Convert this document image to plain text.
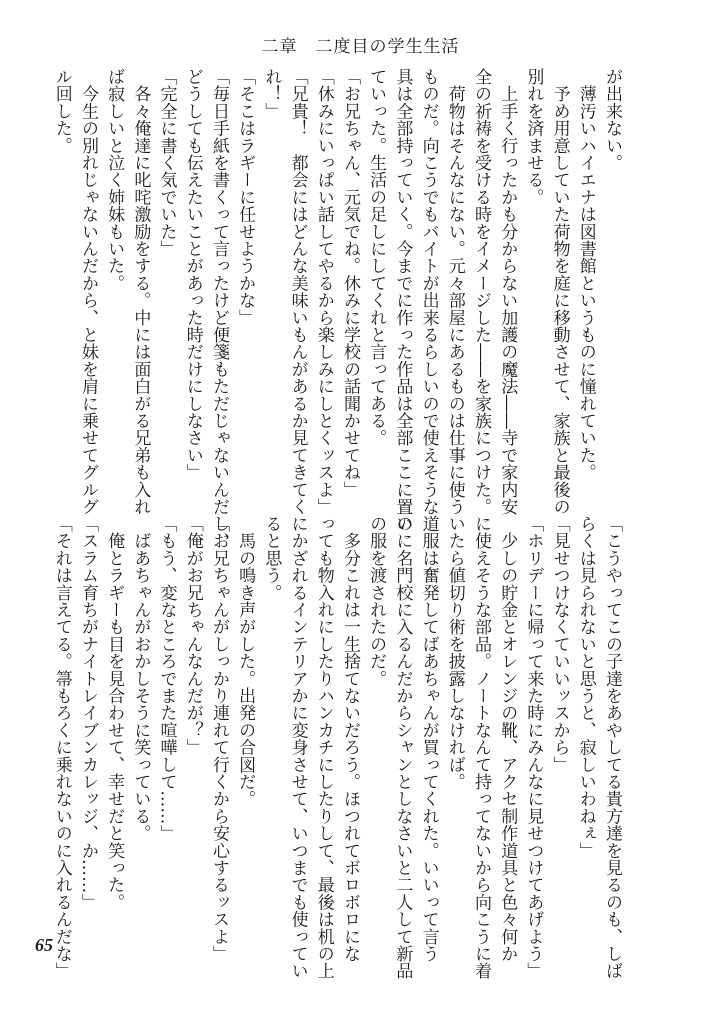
二章　二度目の学生生活

が出来ない。

　薄汚いハイエナは図書館というものに憧れていた。

　予め用意していた荷物を庭に移動させて、家族と最後の

別れを済ませる。

　上手く行ったかも分からない加護の魔法――寺で家内安

全の祈祷を受ける時をイメージした――を家族につけた。

　荷物はそんなにない。元々部屋にあるものは仕事に使う

ものだ。向こうでもバイトが出来るらしいので使えそうな道

具は全部持っていく。今までに作った作品は全部ここに置い

ていった。生活の足しにしてくれと言ってある。

「お兄ちゃん、元気でね。休みに学校の話聞かせてね」

「休みにいっぱい話してやるから楽しみにしとくッスよ」

「兄貴！　都会にはどんな美味いもんがあるか見てきてく

れ！」

「そこはラギーに任せようかな」

「毎日手紙を書くって言ったけど便箋もただじゃないんだし、

どうしても伝えたいことがあった時だけにしなさい」

「完全に書く気でいた」

　各々俺達に叱咤激励をする。中には面白がる兄弟も入れ

ば寂しいと泣く姉妹もいた。

　今生の別れじゃないんだから、と妹を肩に乗せてグルグ

ル回した。

「こうやってこの子達をあやしてる貴方達を見るのも、しば

らくは見られないと思うと、寂しいわねぇ」

「見せつけなくていいッスから」

「ホリデーに帰って来た時にみんなに見せつけてあげよう」

　少しの貯金とオレンジの靴、アクセ制作道具と色々何か

に使えそうな部品。ノートなんて持ってないから向こうに着

いたら値切り術を披露しなければ。

　服は奮発してばあちゃんが買ってくれた。いいって言う

のに名門校に入るんだからシャンとしなさいと二人して新品

の服を渡されたのだ。

　多分これは一生捨てないだろう。ほつれてボロボロにな

っても物入れにしたりハンカチにしたりして、最後は机の上

にかざれるインテリアかに変身させて、いつまでも使ってい

ると思う。

　馬の鳴き声がした。出発の合図だ。

「お兄ちゃんがしっかり連れて行くから安心するッスよ」

「俺がお兄ちゃんなんだが？」

「もう、変なところでまた喧嘩して……」

　ばあちゃんがおかしそうに笑っている。

　俺とラギーも目を見合わせて、幸せだと笑った。

「スラム育ちがナイトレイブンカレッジ、か……」

「それは言えてる。箒もろくに乗れないのに入れるんだな」

65
